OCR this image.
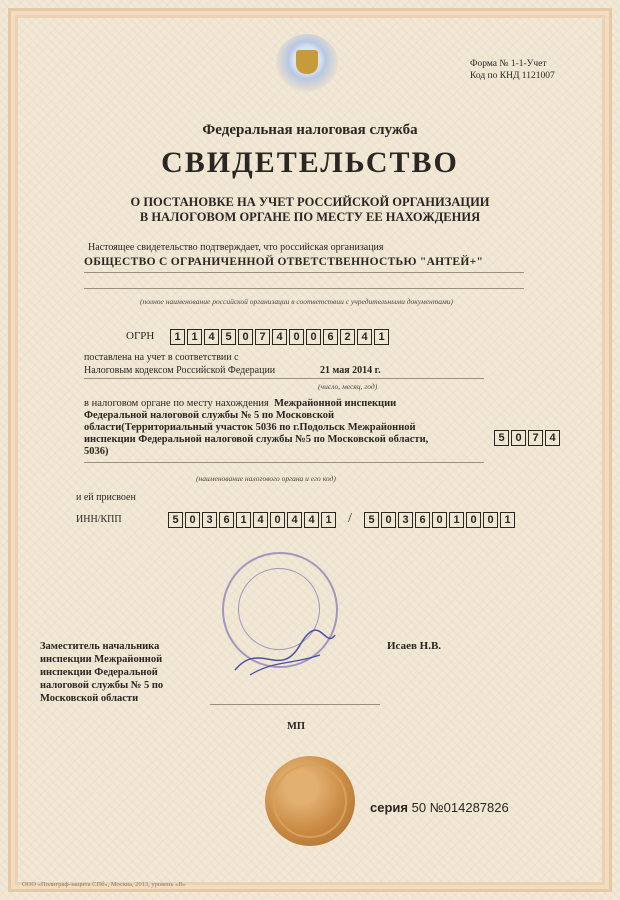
Форма № 1-1-Учет
Код по КНД 1121007
Федеральная налоговая служба
СВИДЕТЕЛЬСТВО
О ПОСТАНОВКЕ НА УЧЕТ РОССИЙСКОЙ ОРГАНИЗАЦИИ
В НАЛОГОВОМ ОРГАНЕ ПО МЕСТУ ЕЕ НАХОЖДЕНИЯ
Настоящее свидетельство подтверждает, что российская организация
ОБЩЕСТВО С ОГРАНИЧЕННОЙ ОТВЕТСТВЕННОСТЬЮ "АНТЕЙ+"
(полное наименование российской организации в соответствии с учредительными документами)
ОГРН	1 1 4 5 0 7 4 0 0 6 2 4 1
поставлена на учет в соответствии с
Налоговым кодексом Российской Федерации	21 мая 2014 г.
(число, месяц, год)
в налоговом органе по месту нахождения Межрайонной инспекции
Федеральной налоговой службы № 5 по Московской
области(Территориальный участок 5036 по г.Подольск Межрайонной
инспекции Федеральной налоговой службы №5 по Московской области,
5036)
5 0 7 4
(наименование налогового органа и его код)
и ей присвоен
ИНН/КПП	5 0 3 6 1 4 0 4 4 1	/	5 0 3 6 0 1 0 0 1
Заместитель начальника
инспекции Межрайонной
инспекции Федеральной
налоговой службы № 5 по
Московской области
Исаев Н.В.
МП
серия 50 №014287826
ООО «Полиграф-защита СПб», Москва, 2013, уровень «В»
